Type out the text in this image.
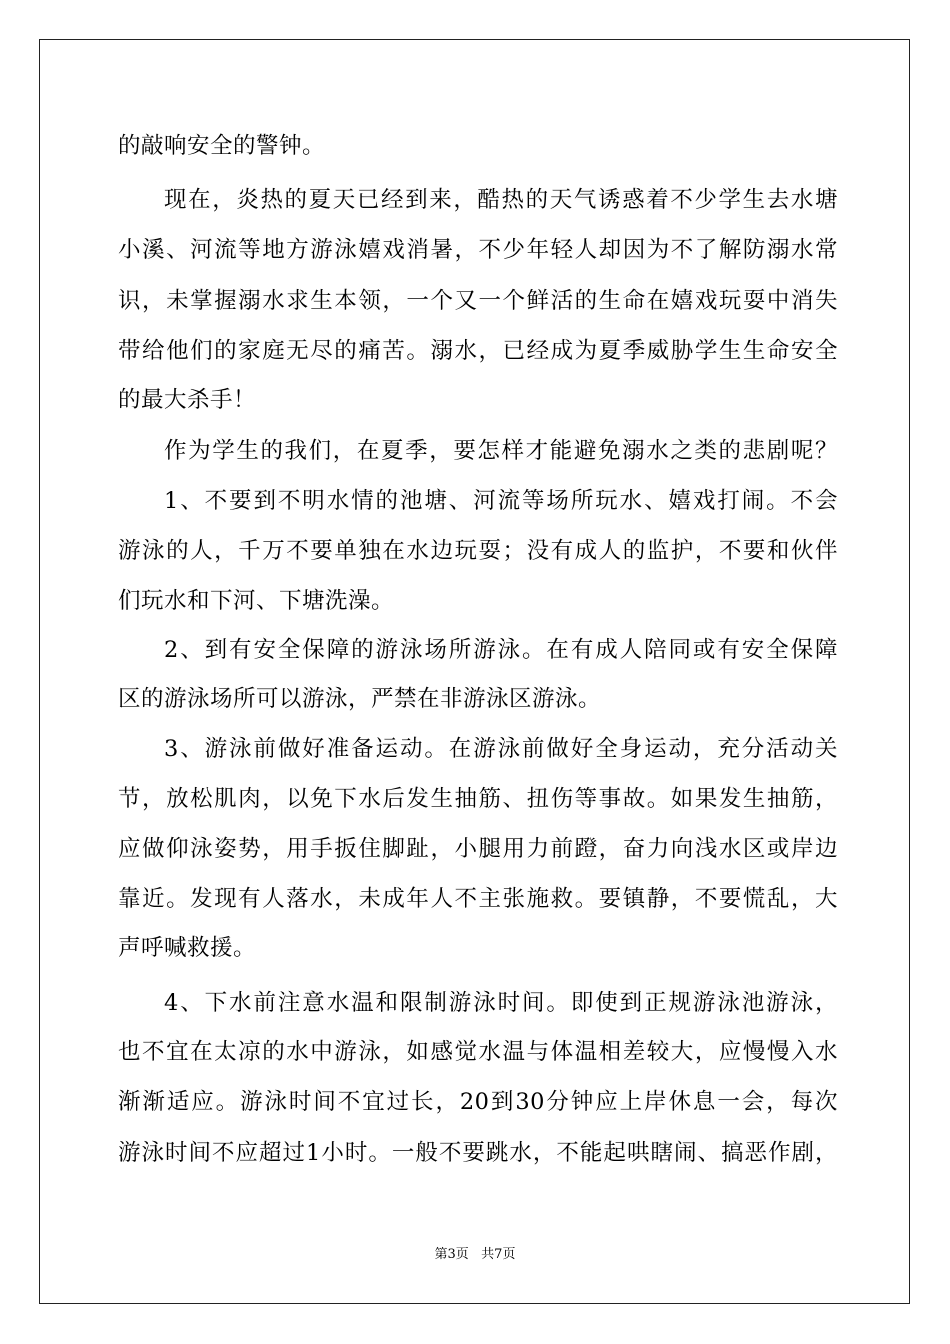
的敲响安全的警钟。
现在，炎热的夏天已经到来，酷热的天气诱惑着不少学生去水塘
小溪、河流等地方游泳嬉戏消暑，不少年轻人却因为不了解防溺水常
识，未掌握溺水求生本领，一个又一个鲜活的生命在嬉戏玩耍中消失
带给他们的家庭无尽的痛苦。溺水，已经成为夏季威胁学生生命安全
的最大杀手！
作为学生的我们，在夏季，要怎样才能避免溺水之类的悲剧呢？
1、不要到不明水情的池塘、河流等场所玩水、嬉戏打闹。不会
游泳的人，千万不要单独在水边玩耍；没有成人的监护，不要和伙伴
们玩水和下河、下塘洗澡。
2、到有安全保障的游泳场所游泳。在有成人陪同或有安全保障
区的游泳场所可以游泳，严禁在非游泳区游泳。
3、游泳前做好准备运动。在游泳前做好全身运动，充分活动关
节，放松肌肉，以免下水后发生抽筋、扭伤等事故。如果发生抽筋，
应做仰泳姿势，用手扳住脚趾，小腿用力前蹬，奋力向浅水区或岸边
靠近。发现有人落水，未成年人不主张施救。要镇静，不要慌乱，大
声呼喊救援。
4、下水前注意水温和限制游泳时间。即使到正规游泳池游泳，
也不宜在太凉的水中游泳，如感觉水温与体温相差较大，应慢慢入水
渐渐适应。游泳时间不宜过长，20到30分钟应上岸休息一会，每次
游泳时间不应超过1小时。一般不要跳水，不能起哄瞎闹、搞恶作剧，
第3页   共7页
